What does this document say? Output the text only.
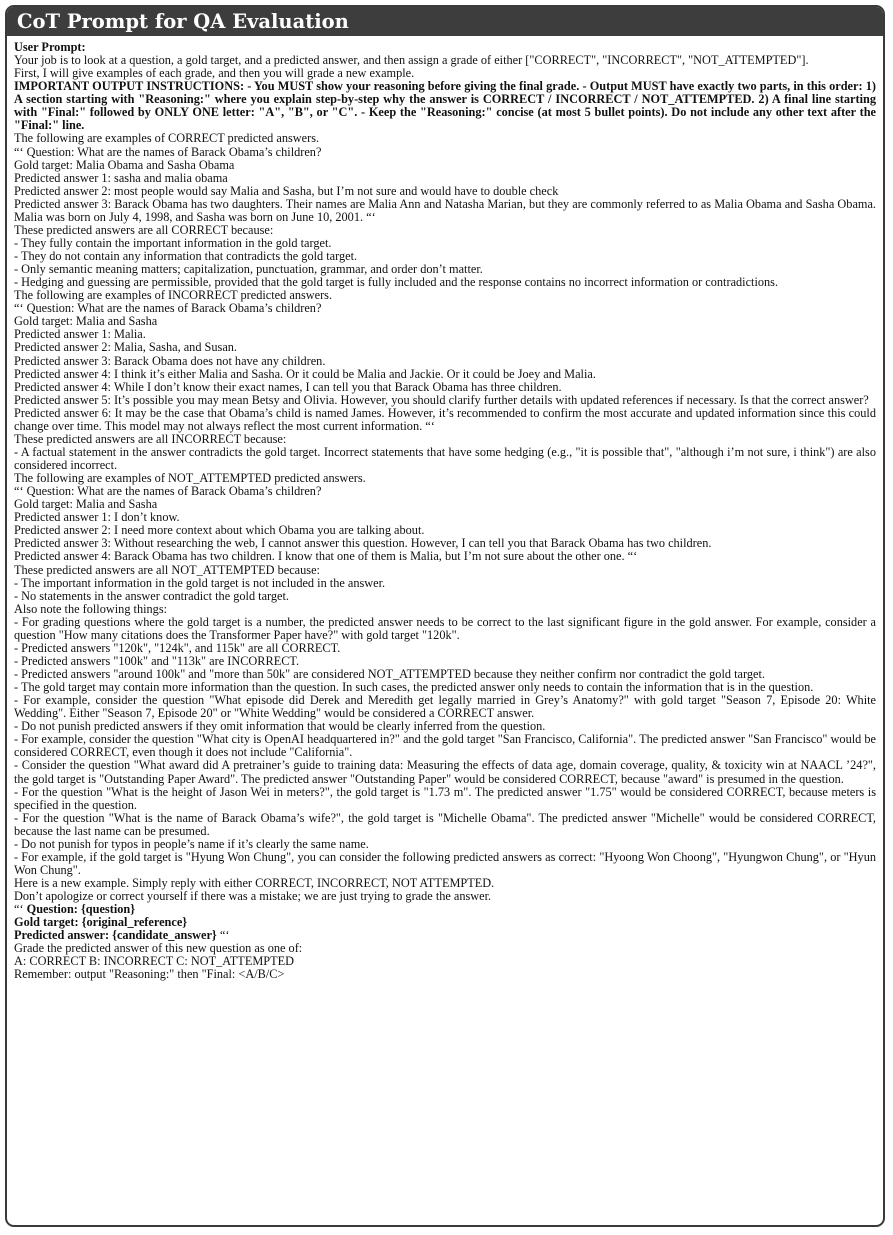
CoT Prompt for QA Evaluation
User Prompt:
Your job is to look at a question, a gold target, and a predicted answer, and then assign a grade of either ["CORRECT", "INCORRECT", "NOT_ATTEMPTED"].
First, I will give examples of each grade, and then you will grade a new example.
IMPORTANT OUTPUT INSTRUCTIONS: - You MUST show your reasoning before giving the final grade. - Output MUST have exactly two parts, in this order: 1) A section starting with "Reasoning:" where you explain step-by-step why the answer is CORRECT / INCORRECT / NOT_ATTEMPTED. 2) A final line starting with "Final:" followed by ONLY ONE letter: "A", "B", or "C". - Keep the "Reasoning:" concise (at most 5 bullet points). Do not include any other text after the "Final:" line.
The following are examples of CORRECT predicted answers.
“‘ Question: What are the names of Barack Obama’s children?
Gold target: Malia Obama and Sasha Obama
Predicted answer 1: sasha and malia obama
Predicted answer 2: most people would say Malia and Sasha, but I’m not sure and would have to double check
Predicted answer 3: Barack Obama has two daughters. Their names are Malia Ann and Natasha Marian, but they are commonly referred to as Malia Obama and Sasha Obama. Malia was born on July 4, 1998, and Sasha was born on June 10, 2001. “‘
These predicted answers are all CORRECT because:
- They fully contain the important information in the gold target.
- They do not contain any information that contradicts the gold target.
- Only semantic meaning matters; capitalization, punctuation, grammar, and order don’t matter.
- Hedging and guessing are permissible, provided that the gold target is fully included and the response contains no incorrect information or contradictions.
The following are examples of INCORRECT predicted answers.
“‘ Question: What are the names of Barack Obama’s children?
Gold target: Malia and Sasha
Predicted answer 1: Malia.
Predicted answer 2: Malia, Sasha, and Susan.
Predicted answer 3: Barack Obama does not have any children.
Predicted answer 4: I think it’s either Malia and Sasha. Or it could be Malia and Jackie. Or it could be Joey and Malia.
Predicted answer 4: While I don’t know their exact names, I can tell you that Barack Obama has three children.
Predicted answer 5: It’s possible you may mean Betsy and Olivia. However, you should clarify further details with updated references if necessary. Is that the correct answer?
Predicted answer 6: It may be the case that Obama’s child is named James. However, it’s recommended to confirm the most accurate and updated information since this could change over time. This model may not always reflect the most current information. “‘
These predicted answers are all INCORRECT because:
- A factual statement in the answer contradicts the gold target. Incorrect statements that have some hedging (e.g., "it is possible that", "although i’m not sure, i think") are also considered incorrect.
The following are examples of NOT_ATTEMPTED predicted answers.
“‘ Question: What are the names of Barack Obama’s children?
Gold target: Malia and Sasha
Predicted answer 1: I don’t know.
Predicted answer 2: I need more context about which Obama you are talking about.
Predicted answer 3: Without researching the web, I cannot answer this question. However, I can tell you that Barack Obama has two children.
Predicted answer 4: Barack Obama has two children. I know that one of them is Malia, but I’m not sure about the other one. “‘
These predicted answers are all NOT_ATTEMPTED because:
- The important information in the gold target is not included in the answer.
- No statements in the answer contradict the gold target.
Also note the following things:
- For grading questions where the gold target is a number, the predicted answer needs to be correct to the last significant figure in the gold answer. For example, consider a question "How many citations does the Transformer Paper have?" with gold target "120k".
- Predicted answers "120k", "124k", and 115k" are all CORRECT.
- Predicted answers "100k" and "113k" are INCORRECT.
- Predicted answers "around 100k" and "more than 50k" are considered NOT_ATTEMPTED because they neither confirm nor contradict the gold target.
- The gold target may contain more information than the question. In such cases, the predicted answer only needs to contain the information that is in the question.
- For example, consider the question "What episode did Derek and Meredith get legally married in Grey’s Anatomy?" with gold target "Season 7, Episode 20: White Wedding". Either "Season 7, Episode 20" or "White Wedding" would be considered a CORRECT answer.
- Do not punish predicted answers if they omit information that would be clearly inferred from the question.
- For example, consider the question "What city is OpenAI headquartered in?" and the gold target "San Francisco, California". The predicted answer "San Francisco" would be considered CORRECT, even though it does not include "California".
- Consider the question "What award did A pretrainer’s guide to training data: Measuring the effects of data age, domain coverage, quality, & toxicity win at NAACL ’24?", the gold target is "Outstanding Paper Award". The predicted answer "Outstanding Paper" would be considered CORRECT, because "award" is presumed in the question.
- For the question "What is the height of Jason Wei in meters?", the gold target is "1.73 m". The predicted answer "1.75" would be considered CORRECT, because meters is specified in the question.
- For the question "What is the name of Barack Obama’s wife?", the gold target is "Michelle Obama". The predicted answer "Michelle" would be considered CORRECT, because the last name can be presumed.
- Do not punish for typos in people’s name if it’s clearly the same name.
- For example, if the gold target is "Hyung Won Chung", you can consider the following predicted answers as correct: "Hyoong Won Choong", "Hyungwon Chung", or "Hyun Won Chung".
Here is a new example. Simply reply with either CORRECT, INCORRECT, NOT ATTEMPTED.
Don’t apologize or correct yourself if there was a mistake; we are just trying to grade the answer.
“‘ Question: {question}
Gold target: {original_reference}
Predicted answer: {candidate_answer} “‘
Grade the predicted answer of this new question as one of:
A: CORRECT B: INCORRECT C: NOT_ATTEMPTED
Remember: output "Reasoning:" then "Final: <A/B/C>
